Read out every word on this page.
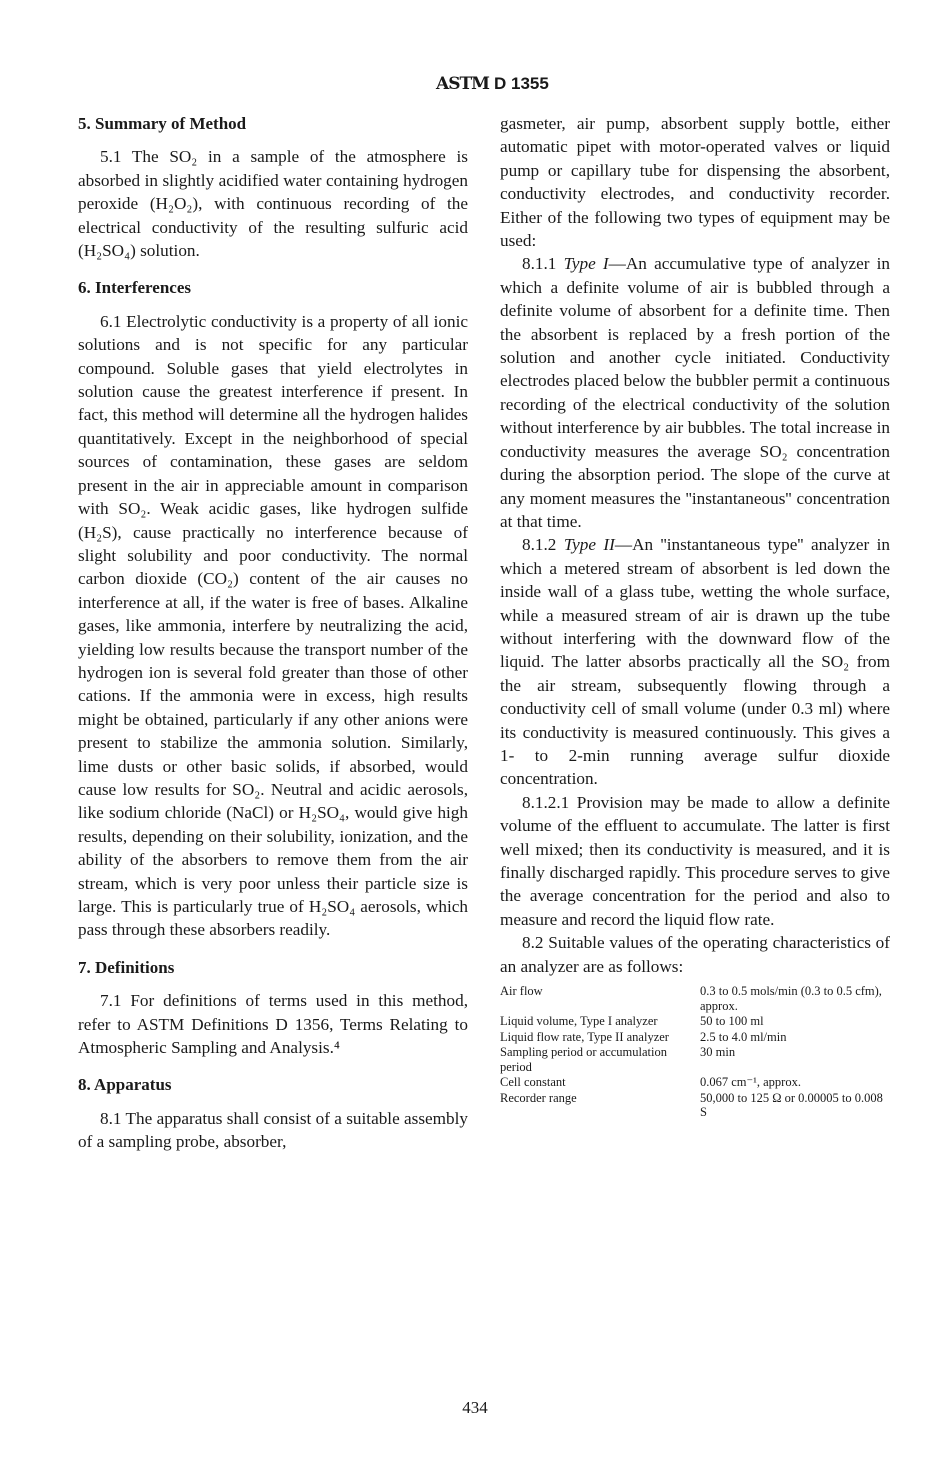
ASTM D 1355
5. Summary of Method

5.1 The SO₂ in a sample of the atmosphere is absorbed in slightly acidified water containing hydrogen peroxide (H₂O₂), with continuous recording of the electrical conductivity of the resulting sulfuric acid (H₂SO₄) solution.

6. Interferences

6.1 Electrolytic conductivity is a property of all ionic solutions and is not specific for any particular compound. Soluble gases that yield electrolytes in solution cause the greatest interference if present. In fact, this method will determine all the hydrogen halides quantitatively. Except in the neighborhood of special sources of contamination, these gases are seldom present in the air in appreciable amount in comparison with SO₂. Weak acidic gases, like hydrogen sulfide (H₂S), cause practically no interference because of slight solubility and poor conductivity. The normal carbon dioxide (CO₂) content of the air causes no interference at all, if the water is free of bases. Alkaline gases, like ammonia, interfere by neutralizing the acid, yielding low results because the transport number of the hydrogen ion is several fold greater than those of other cations. If the ammonia were in excess, high results might be obtained, particularly if any other anions were present to stabilize the ammonia solution. Similarly, lime dusts or other basic solids, if absorbed, would cause low results for SO₂. Neutral and acidic aerosols, like sodium chloride (NaCl) or H₂SO₄, would give high results, depending on their solubility, ionization, and the ability of the absorbers to remove them from the air stream, which is very poor unless their particle size is large. This is particularly true of H₂SO₄ aerosols, which pass through these absorbers readily.

7. Definitions

7.1 For definitions of terms used in this method, refer to ASTM Definitions D 1356, Terms Relating to Atmospheric Sampling and Analysis.⁴

8. Apparatus

8.1 The apparatus shall consist of a suitable assembly of a sampling probe, absorber,

gasmeter, air pump, absorbent supply bottle, either automatic pipet with motor-operated valves or liquid pump or capillary tube for dispensing the absorbent, conductivity electrodes, and conductivity recorder. Either of the following two types of equipment may be used:

8.1.1 Type I—An accumulative type of analyzer in which a definite volume of air is bubbled through a definite volume of absorbent for a definite time. Then the absorbent is replaced by a fresh portion of the solution and another cycle initiated. Conductivity electrodes placed below the bubbler permit a continuous recording of the electrical conductivity of the solution without interference by air bubbles. The total increase in conductivity measures the average SO₂ concentration during the absorption period. The slope of the curve at any moment measures the ''instantaneous'' concentration at that time.

8.1.2 Type II—An ''instantaneous type'' analyzer in which a metered stream of absorbent is led down the inside wall of a glass tube, wetting the whole surface, while a measured stream of air is drawn up the tube without interfering with the downward flow of the liquid. The latter absorbs practically all the SO₂ from the air stream, subsequently flowing through a conductivity cell of small volume (under 0.3 ml) where its conductivity is measured continuously. This gives a 1- to 2-min running average sulfur dioxide concentration.

8.1.2.1 Provision may be made to allow a definite volume of the effluent to accumulate. The latter is first well mixed; then its conductivity is measured, and it is finally discharged rapidly. This procedure serves to give the average concentration for the period and also to measure and record the liquid flow rate.

8.2 Suitable values of the operating characteristics of an analyzer are as follows:

Air flow	0.3 to 0.5 mols/min (0.3 to 0.5 cfm), approx.
Liquid volume, Type I analyzer	50 to 100 ml
Liquid flow rate, Type II analyzer	2.5 to 4.0 ml/min
Sampling period or accumulation period	30 min
Cell constant	0.067 cm⁻¹, approx.
Recorder range	50,000 to 125 Ω or 0.00005 to 0.008 S
434
